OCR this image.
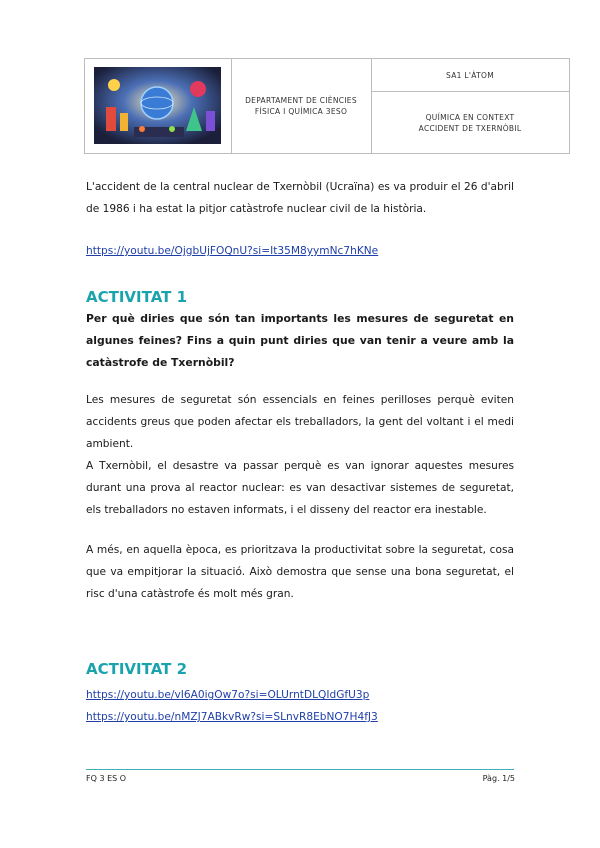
DEPARTAMENT DE CIÈNCIES
FÍSICA I QUÍMICA 3ESO
SA1 L'ÀTOM
QUÍMICA EN CONTEXT
ACCIDENT DE TXERNÒBIL
L'accident de la central nuclear de Txernòbil (Ucraïna) es va produir el 26 d'abril de 1986 i ha estat la pitjor catàstrofe nuclear civil de la història.
https://youtu.be/OjgbUjFOQnU?si=It35M8yymNc7hKNe
ACTIVITAT 1
Per què diries que són tan importants les mesures de seguretat en algunes feines? Fins a quin punt diries que van tenir a veure amb la catàstrofe de Txernòbil?
Les mesures de seguretat són essencials en feines perilloses perquè eviten accidents greus que poden afectar els treballadors, la gent del voltant i el medi ambient.
A Txernòbil, el desastre va passar perquè es van ignorar aquestes mesures durant una prova al reactor nuclear: es van desactivar sistemes de seguretat, els treballadors no estaven informats, i el disseny del reactor era inestable.
A més, en aquella època, es prioritzava la productivitat sobre la seguretat, cosa que va empitjorar la situació. Això demostra que sense una bona seguretat, el risc d'una catàstrofe és molt més gran.
ACTIVITAT 2
https://youtu.be/vI6A0igOw7o?si=OLUrntDLQIdGfU3p
https://youtu.be/nMZJ7ABkvRw?si=SLnvR8EbNO7H4fJ3
FQ 3 ES O	Pàg. 1/5
